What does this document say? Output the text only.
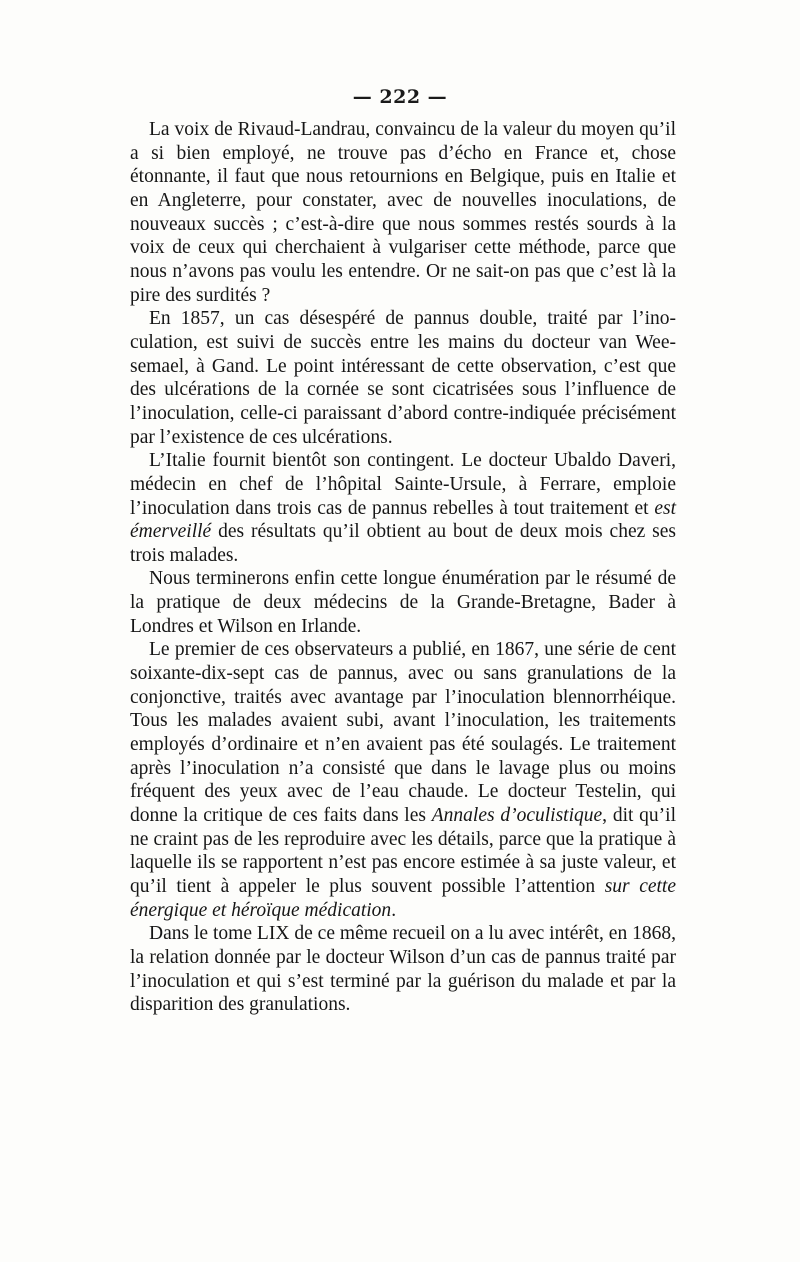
— 222 —

La voix de Rivaud-Landrau, convaincu de la valeur du moyen qu’il a si bien employé, ne trouve pas d’écho en France et, chose étonnante, il faut que nous retournions en Belgique, puis en Italie et en Angleterre, pour constater, avec de nouvelles inoculations, de nouveaux succès ; c’est-à-dire que nous sommes restés sourds à la voix de ceux qui cherchaient à vulgariser cette méthode, parce que nous n’avons pas voulu les entendre. Or ne sait-on pas que c’est là la pire des surdités ?

En 1857, un cas désespéré de pannus double, traité par l’inoculation, est suivi de succès entre les mains du docteur van Weesemael, à Gand. Le point intéressant de cette observation, c’est que des ulcérations de la cornée se sont cicatrisées sous l’influence de l’inoculation, celle-ci paraissant d’abord contre-indiquée précisément par l’existence de ces ulcérations.

L’Italie fournit bientôt son contingent. Le docteur Ubaldo Daveri, médecin en chef de l’hôpital Sainte-Ursule, à Ferrare, emploie l’inoculation dans trois cas de pannus rebelles à tout traitement et est émerveillé des résultats qu’il obtient au bout de deux mois chez ses trois malades.

Nous terminerons enfin cette longue énumération par le résumé de la pratique de deux médecins de la Grande-Bretagne, Bader à Londres et Wilson en Irlande.

Le premier de ces observateurs a publié, en 1867, une série de cent soixante-dix-sept cas de pannus, avec ou sans granulations de la conjonctive, traités avec avantage par l’inoculation blennorrhéique. Tous les malades avaient subi, avant l’inoculation, les traitements employés d’ordinaire et n’en avaient pas été soulagés. Le traitement après l’inoculation n’a consisté que dans le lavage plus ou moins fréquent des yeux avec de l’eau chaude. Le docteur Testelin, qui donne la critique de ces faits dans les Annales d’oculistique, dit qu’il ne craint pas de les reproduire avec les détails, parce que la pratique à laquelle ils se rapportent n’est pas encore estimée à sa juste valeur, et qu’il tient à appeler le plus souvent possible l’attention sur cette énergique et héroïque médication.

Dans le tome LIX de ce même recueil on a lu avec intérêt, en 1868, la relation donnée par le docteur Wilson d’un cas de pannus traité par l’inoculation et qui s’est terminé par la guérison du malade et par la disparition des granulations.
